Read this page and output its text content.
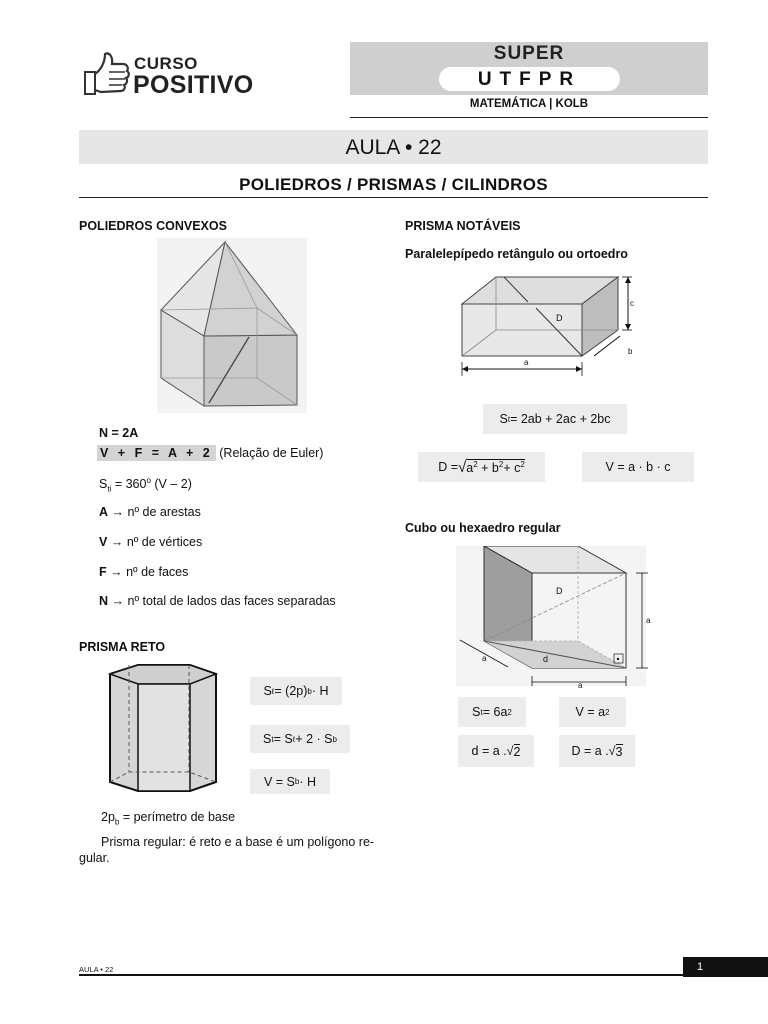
CURSO
POSITIVO
SUPER
UTFPR
MATEMÁTICA | KOLB
AULA • 22
POLIEDROS / PRISMAS / CILINDROS
POLIEDROS CONVEXOS
N = 2A
V + F = A + 2 (Relação de Euler)
$S_{ti} = 360^o$ (V – 2)
A → nº de arestas
V → nº de vértices
F → nº de faces
N → nº total de lados das faces separadas
PRISMA RETO
S ℓ = (2p) b · H
S t = S ℓ + 2 · S b
V = S b · H
$2p_b$ = perímetro de base
Prisma regular: é reto e a base é um polígono re-
gular.
PRISMA NOTÁVEIS
Paralelepípedo retângulo ou ortoedro
c
b
a
D
S t = 2ab + 2ac + 2bc
D = √ $a^2 + b^2+ c^2$	V = a · b · c
Cubo ou hexaedro regular
a
a
a
D
d
S t = 6a 2	V = a 2
d = a . √ 2	D = a . √ 3
AULA • 22	1
